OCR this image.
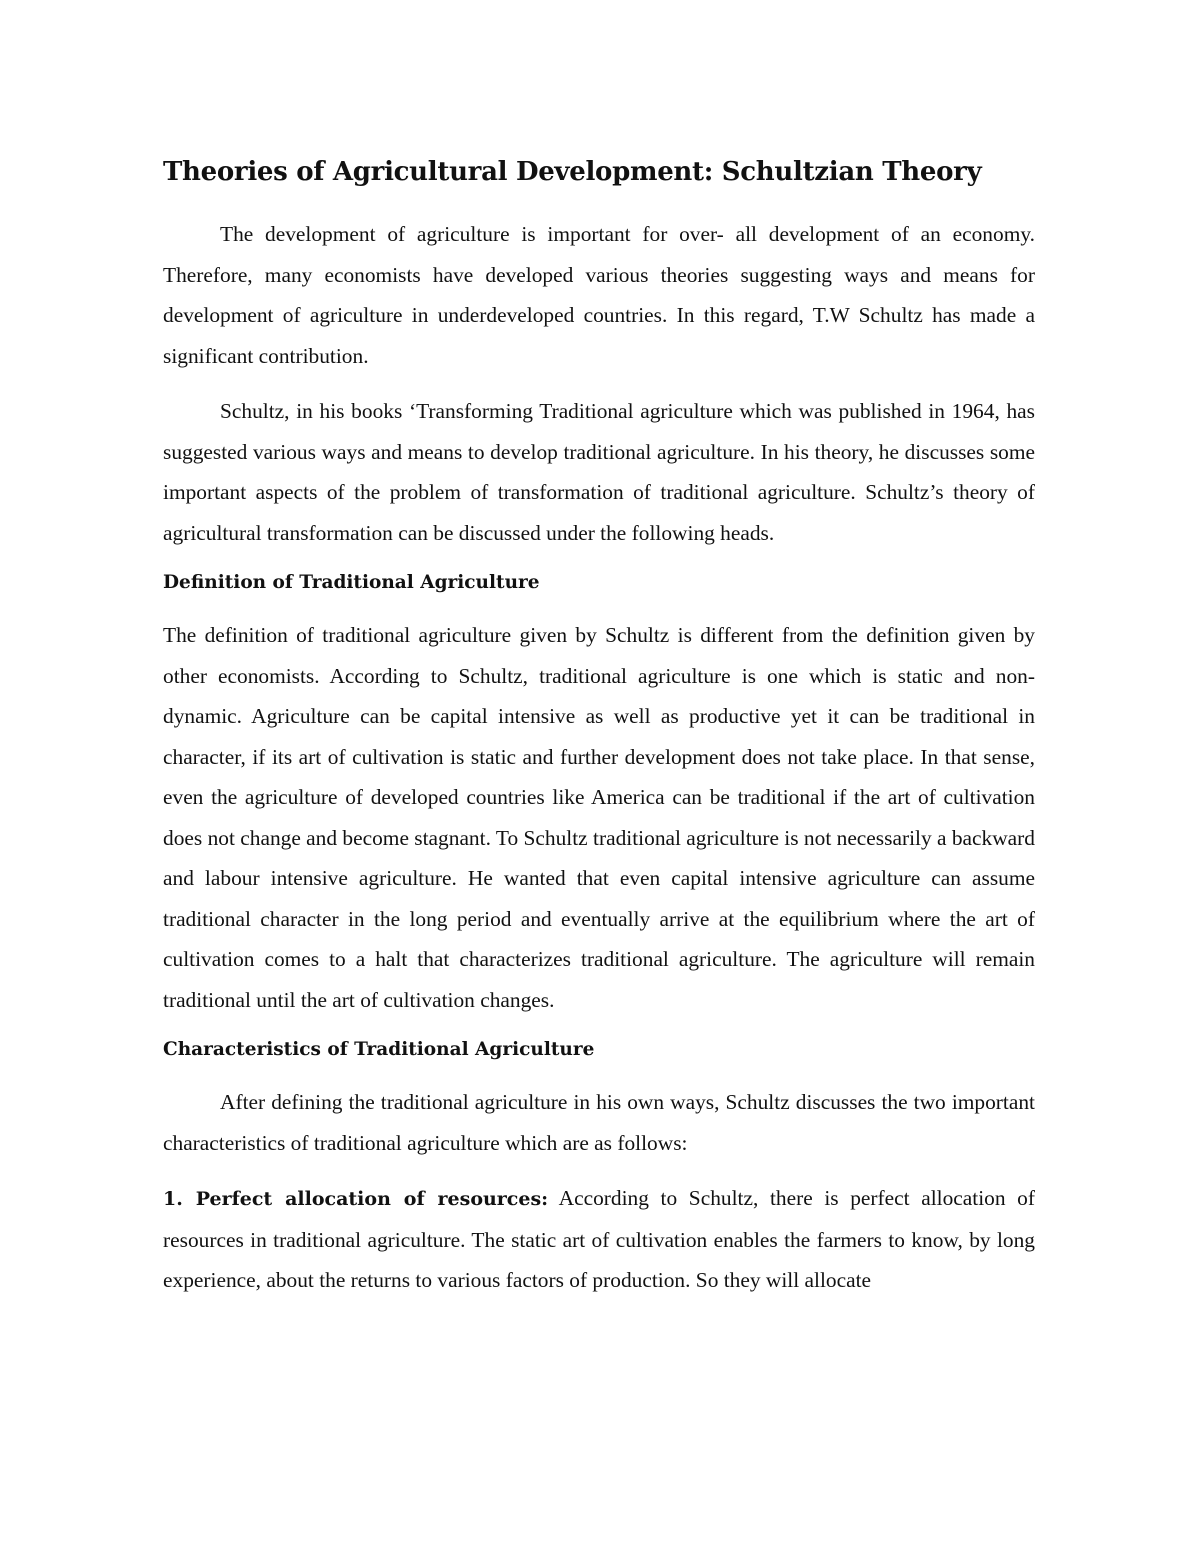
Theories of Agricultural Development: Schultzian Theory

The development of agriculture is important for over- all development of an economy. Therefore, many economists have developed various theories suggesting ways and means for development of agriculture in underdeveloped countries. In this regard, T.W Schultz has made a significant contribution.

Schultz, in his books ‘Transforming Traditional agriculture which was published in 1964, has suggested various ways and means to develop traditional agriculture. In his theory, he discusses some important aspects of the problem of transformation of traditional agriculture. Schultz’s theory of agricultural transformation can be discussed under the following heads.

Definition of Traditional Agriculture

The definition of traditional agriculture given by Schultz is different from the definition given by other economists. According to Schultz, traditional agriculture is one which is static and non-dynamic. Agriculture can be capital intensive as well as productive yet it can be traditional in character, if its art of cultivation is static and further development does not take place. In that sense, even the agriculture of developed countries like America can be traditional if the art of cultivation does not change and become stagnant. To Schultz traditional agriculture is not necessarily a backward and labour intensive agriculture. He wanted that even capital intensive agriculture can assume traditional character in the long period and eventually arrive at the equilibrium where the art of cultivation comes to a halt that characterizes traditional agriculture. The agriculture will remain traditional until the art of cultivation changes.

Characteristics of Traditional Agriculture

After defining the traditional agriculture in his own ways, Schultz discusses the two important characteristics of traditional agriculture which are as follows:

1. Perfect allocation of resources: According to Schultz, there is perfect allocation of resources in traditional agriculture. The static art of cultivation enables the farmers to know, by long experience, about the returns to various factors of production. So they will allocate
